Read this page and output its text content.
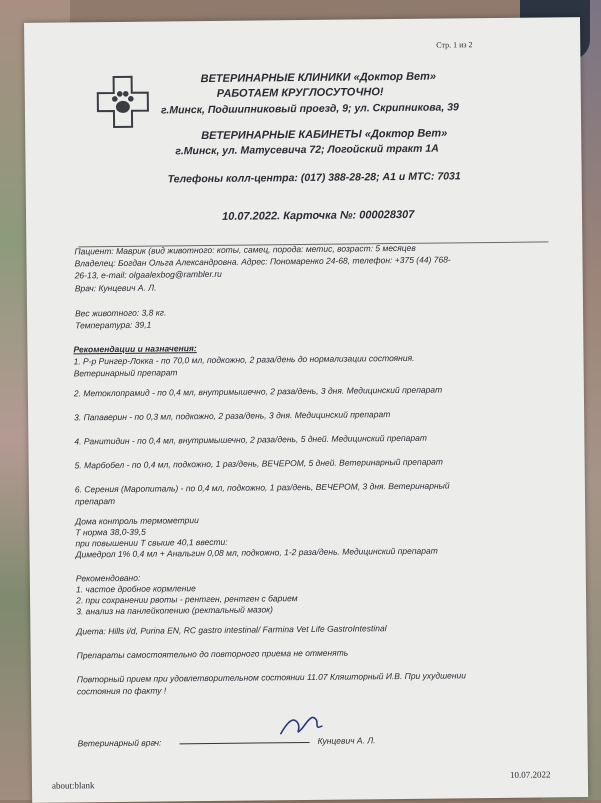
Стр. 1 из 2

ВЕТЕРИНАРНЫЕ КЛИНИКИ «Доктор Вет»

РАБОТАЕМ КРУГЛОСУТОЧНО!

г.Минск, Подшипниковый проезд, 9; ул. Скрипникова, 39

ВЕТЕРИНАРНЫЕ КАБИНЕТЫ «Доктор Вет»

г.Минск, ул. Матусевича 72; Логойский тракт 1А

Телефоны колл-центра: (017) 388-28-28; A1 и МТС: 7031

10.07.2022. Карточка №: 000028307

Пациент: Маврик (вид животного: коты, самец, порода: метис, возраст: 5 месяцев

Владелец: Богдан Ольга Александровна. Адрес: Пономаренко 24-68, телефон: +375 (44) 768-

26-13, e-mail: olgaalexbog@rambler.ru

Врач: Кунцевич А. Л.

Вес животного: 3,8 кг.

Температура: 39,1

Рекомендации и назначения:

1. Р-р Рингер-Локка - по 70,0 мл, подкожно, 2 раза/день до нормализации состояния.

Ветеринарный препарат

2. Метоклопрамид - по 0,4 мл, внутримышечно, 2 раза/день, 3 дня. Медицинский препарат

3. Папаверин - по 0,3 мл, подкожно, 2 раза/день, 3 дня. Медицинский препарат

4. Ранитидин - по 0,4 мл, внутримышечно, 2 раза/день, 5 дней. Медицинский препарат

5. Марбобел - по 0,4 мл, подкожно, 1 раз/день, ВЕЧЕРОМ, 5 дней. Ветеринарный препарат

6. Серения (Маропиталь) - по 0,4 мл, подкожно, 1 раз/день, ВЕЧЕРОМ, 3 дня. Ветеринарный

препарат

Дома контроль термометрии

Т норма 38,0-39,5

при повышении Т свыше 40,1 ввести:

Димедрол 1% 0,4 мл + Анальгин 0,08 мл, подкожно, 1-2 раза/день. Медицинский препарат

Рекомендовано:

1. частое дробное кормление

2. при сохранении рвоты - рентген, рентген с барием

3. анализ на панлейкопению (ректальный мазок)

Диета: Hills i/d, Purina EN, RC gastro intestinal/ Farmina Vet Life GastroIntestinal

Препараты самостоятельно до повторного приема не отменять

Повторный прием при удовлетворительном состоянии 11.07 Кляшторный И.В. При ухудшении

состояния по факту !

Ветеринарный врач:	Кунцевич А. Л.

about:blank

10.07.2022
